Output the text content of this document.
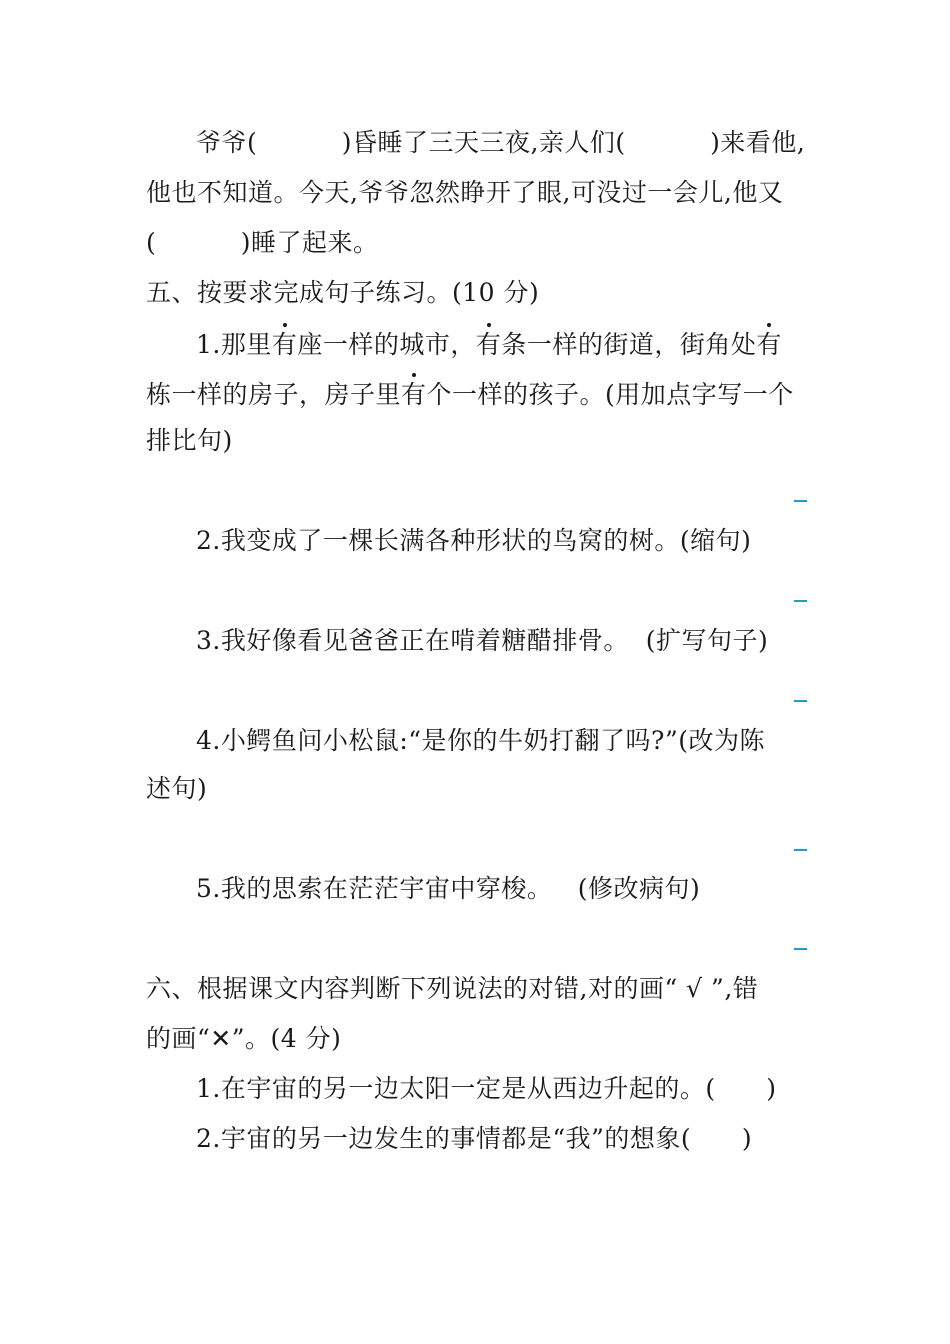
爷爷(          )昏睡了三天三夜,亲人们(          )来看他,
他也不知道。今天,爷爷忽然睁开了眼,可没过一会儿,他又
(          )睡了起来。
五、按要求完成句子练习。(10 分)
1.那里有座一样的城市，有条一样的街道，街角处有
栋一样的房子，房子里有个一样的孩子。(用加点字写一个
排比句)
2.我变成了一棵长满各种形状的鸟窝的树。(缩句)
3.我好像看见爸爸正在啃着糖醋排骨。  (扩写句子)
4.小鳄鱼问小松鼠:“是你的牛奶打翻了吗?”(改为陈
述句)
5.我的思索在茫茫宇宙中穿梭。   (修改病句)
六、根据课文内容判断下列说法的对错,对的画“ √ ”,错
的画“✕”。(4 分)
1.在宇宙的另一边太阳一定是从西边升起的。(      )
2.宇宙的另一边发生的事情都是“我”的想象(      )
